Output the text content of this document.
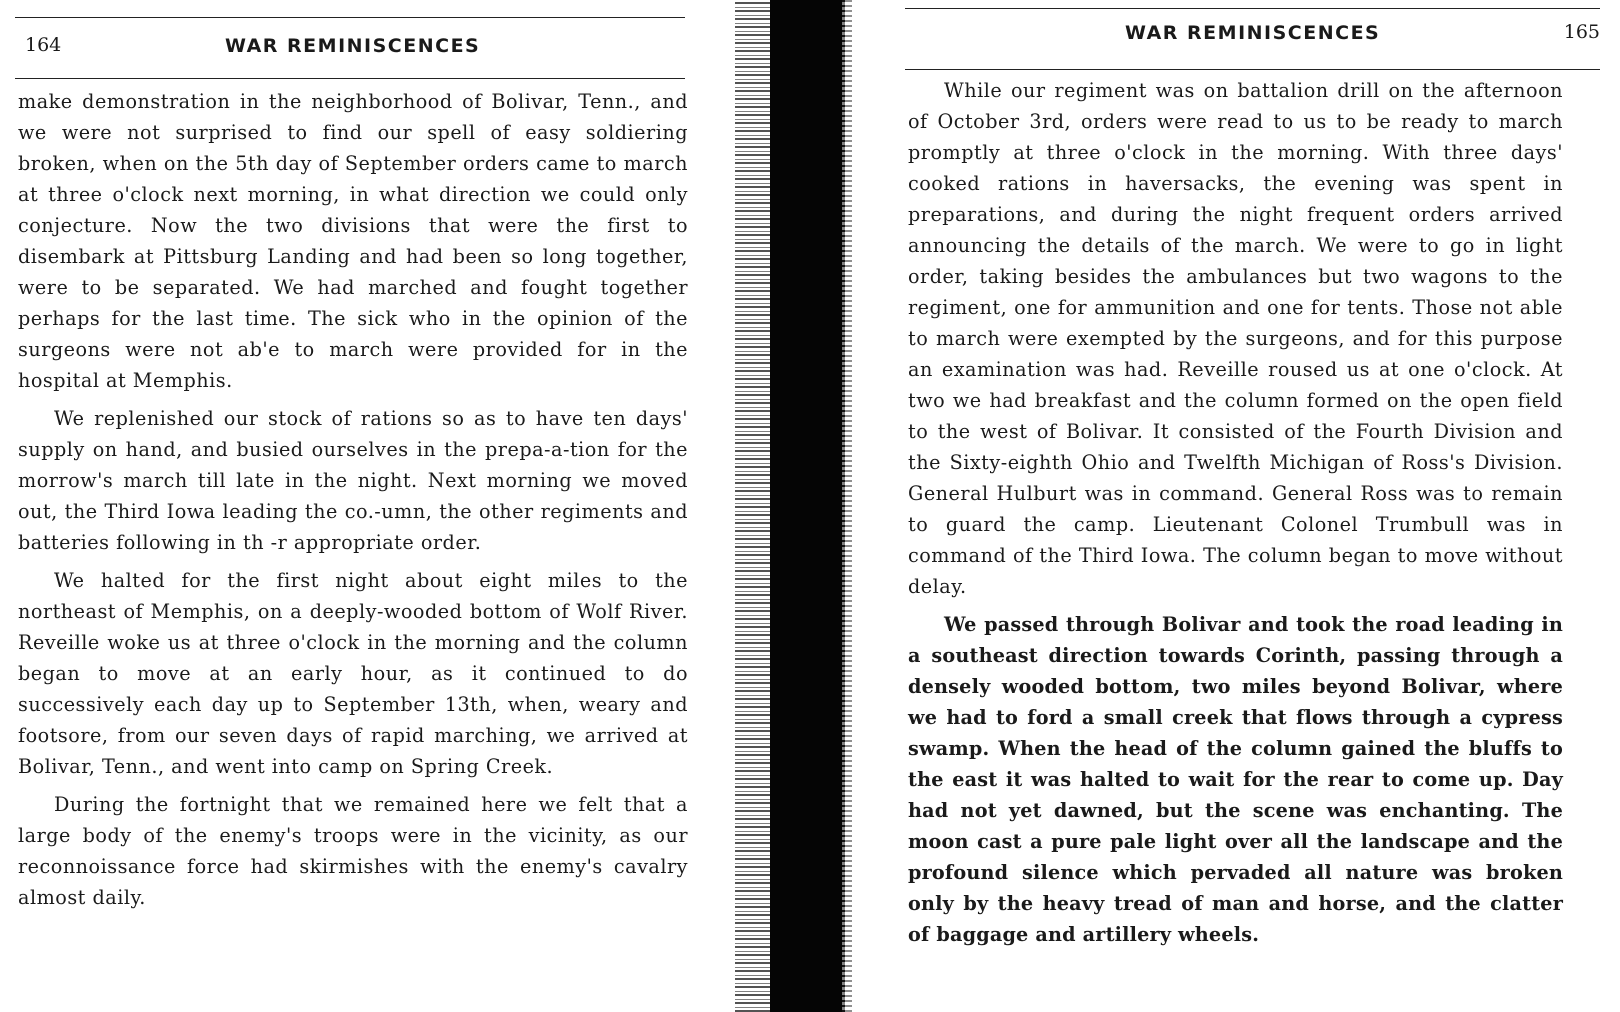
164	WAR REMINISCENCES

make demonstration in the neighborhood of Bolivar, Tenn., and we were not surprised to find our spell of easy soldiering broken, when on the 5th day of September orders came to march at three o'clock next morning, in what direction we could only conjecture. Now the two divisions that were the first to disembark at Pittsburg Landing and had been so long together, were to be separated. We had marched and fought together perhaps for the last time. The sick who in the opinion of the surgeons were not ab'e to march were provided for in the hospital at Memphis.

We replenished our stock of rations so as to have ten days' supply on hand, and busied ourselves in the prepa-a-tion for the morrow's march till late in the night. Next morning we moved out, the Third Iowa leading the co.-umn, the other regiments and batteries following in th -r appropriate order.

We halted for the first night about eight miles to the northeast of Memphis, on a deeply-wooded bottom of Wolf River. Reveille woke us at three o'clock in the morning and the column began to move at an early hour, as it continued to do successively each day up to September 13th, when, weary and footsore, from our seven days of rapid marching, we arrived at Bolivar, Tenn., and went into camp on Spring Creek.

During the fortnight that we remained here we felt that a large body of the enemy's troops were in the vicinity, as our reconnoissance force had skirmishes with the enemy's cavalry almost daily.

WAR REMINISCENCES	165

While our regiment was on battalion drill on the afternoon of October 3rd, orders were read to us to be ready to march promptly at three o'clock in the morning. With three days' cooked rations in haversacks, the evening was spent in preparations, and during the night frequent orders arrived announcing the details of the march. We were to go in light order, taking besides the ambulances but two wagons to the regiment, one for ammunition and one for tents. Those not able to march were exempted by the surgeons, and for this purpose an examination was had. Reveille roused us at one o'clock. At two we had breakfast and the column formed on the open field to the west of Bolivar. It consisted of the Fourth Division and the Sixty-eighth Ohio and Twelfth Michigan of Ross's Division. General Hulburt was in command. General Ross was to remain to guard the camp. Lieutenant Colonel Trumbull was in command of the Third Iowa. The column began to move without delay.

We passed through Bolivar and took the road leading in a southeast direction towards Corinth, passing through a densely wooded bottom, two miles beyond Bolivar, where we had to ford a small creek that flows through a cypress swamp. When the head of the column gained the bluffs to the east it was halted to wait for the rear to come up. Day had not yet dawned, but the scene was enchanting. The moon cast a pure pale light over all the landscape and the profound silence which pervaded all nature was broken only by the heavy tread of man and horse, and the clatter of baggage and artillery wheels.
